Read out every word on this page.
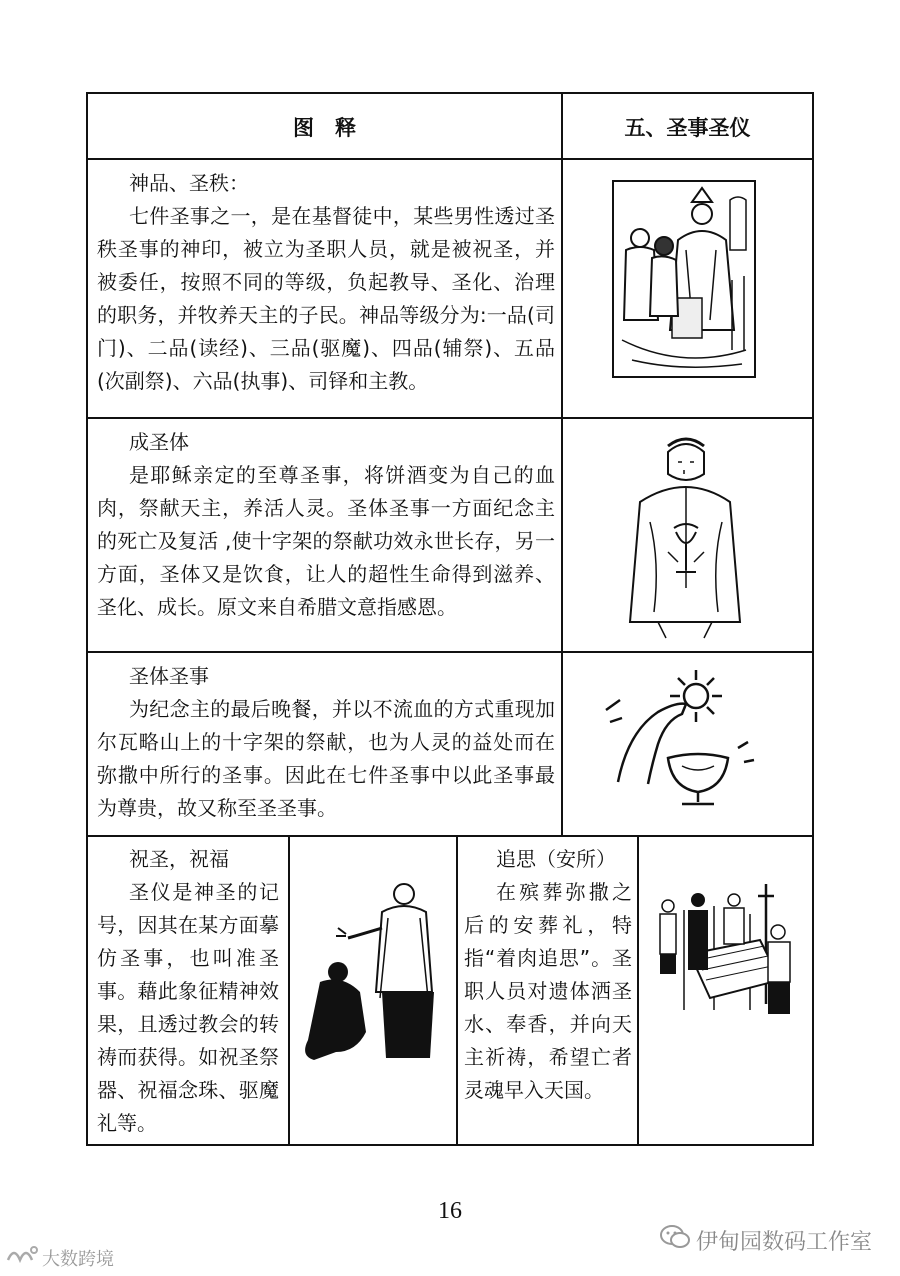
图　释	五、圣事圣仪

神品、圣秩：

七件圣事之一，是在基督徒中，某些男性透过圣秩圣事的神印，被立为圣职人员，就是被祝圣，并被委任，按照不同的等级，负起教导、圣化、治理的职务，并牧养天主的子民。神品等级分为:一品(司门)、二品(读经)、三品(驱魔)、四品(辅祭)、五品(次副祭)、六品(执事)、司铎和主教。

成圣体

是耶稣亲定的至尊圣事，将饼酒变为自己的血肉，祭献天主，养活人灵。圣体圣事一方面纪念主的死亡及复活 ,使十字架的祭献功效永世长存，另一方面，圣体又是饮食，让人的超性生命得到滋养、圣化、成长。原文来自希腊文意指感恩。

圣体圣事

为纪念主的最后晚餐，并以不流血的方式重现加尔瓦略山上的十字架的祭献，也为人灵的益处而在弥撒中所行的圣事。因此在七件圣事中以此圣事最为尊贵，故又称至圣圣事。

祝圣，祝福

圣仪是神圣的记号，因其在某方面摹仿圣事，也叫准圣事。藉此象征精神效果，且透过教会的转祷而获得。如祝圣祭器、祝福念珠、驱魔礼等。

追思（安所）

在殡葬弥撒之后的安葬礼，特指“着肉追思”。圣职人员对遗体洒圣水、奉香，并向天主祈祷，希望亡者灵魂早入天国。

16
伊甸园数码工作室
大数跨境
